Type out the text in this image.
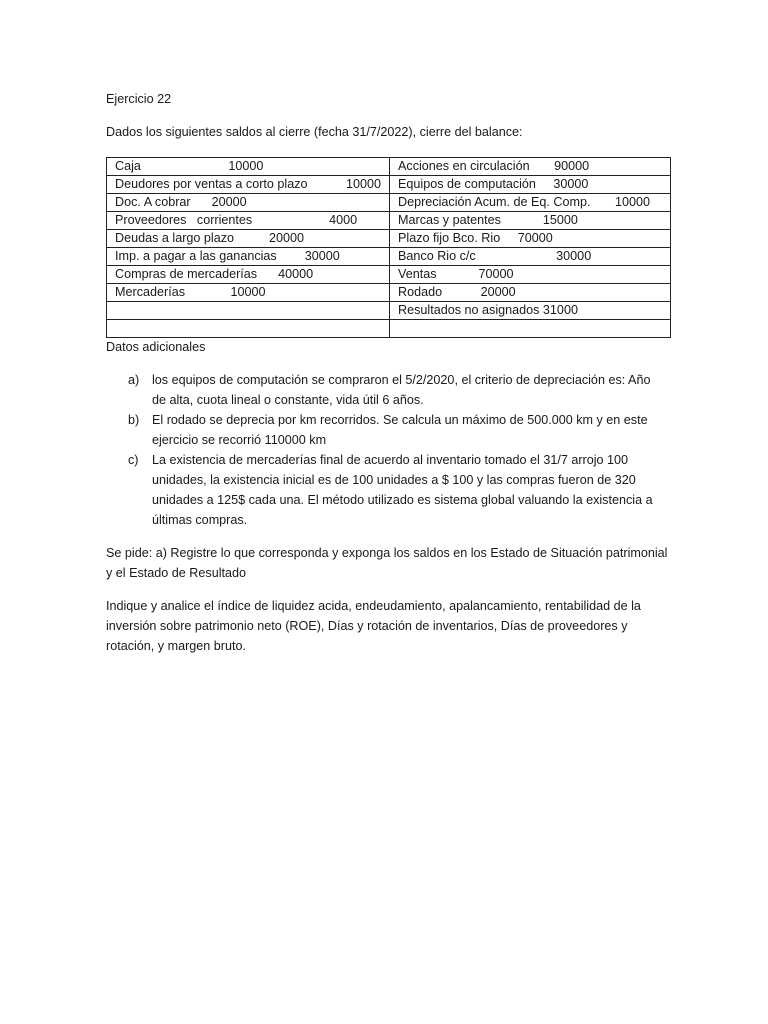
Ejercicio 22
Dados los siguientes saldos al cierre (fecha 31/7/2022), cierre del balance:
Caja                         10000	Acciones en circulación       90000
Deudores por ventas a corto plazo           10000	Equipos de computación     30000
Doc. A cobrar      20000	Depreciación Acum. de Eq. Comp.       10000
Proveedores   corrientes                      4000	Marcas y patentes            15000
Deudas a largo plazo          20000	Plazo fijo Bco. Rio     70000
Imp. a pagar a las ganancias        30000	Banco Rio c/c                       30000
Compras de mercaderías      40000	Ventas            70000
Mercaderías             10000	Rodado           20000
	Resultados no asignados 31000

Datos adicionales
a) los equipos de computación se compraron el 5/2/2020, el criterio de depreciación es: Año de alta, cuota lineal o constante, vida útil 6 años.
b) El rodado se deprecia por km recorridos. Se calcula un máximo de 500.000 km y en este ejercicio se recorrió 110000 km
c) La existencia de mercaderías final de acuerdo al inventario tomado el 31/7 arrojo 100 unidades, la existencia inicial es de 100 unidades a $ 100 y las compras fueron de 320 unidades a 125$ cada una. El método utilizado es sistema global valuando la existencia a últimas compras.
Se pide: a) Registre lo que corresponda y exponga los saldos en los Estado de Situación patrimonial y el Estado de Resultado
Indique y analice el índice de liquidez acida, endeudamiento, apalancamiento, rentabilidad de la inversión sobre patrimonio neto (ROE), Días y rotación de inventarios, Días de proveedores y rotación, y margen bruto.
